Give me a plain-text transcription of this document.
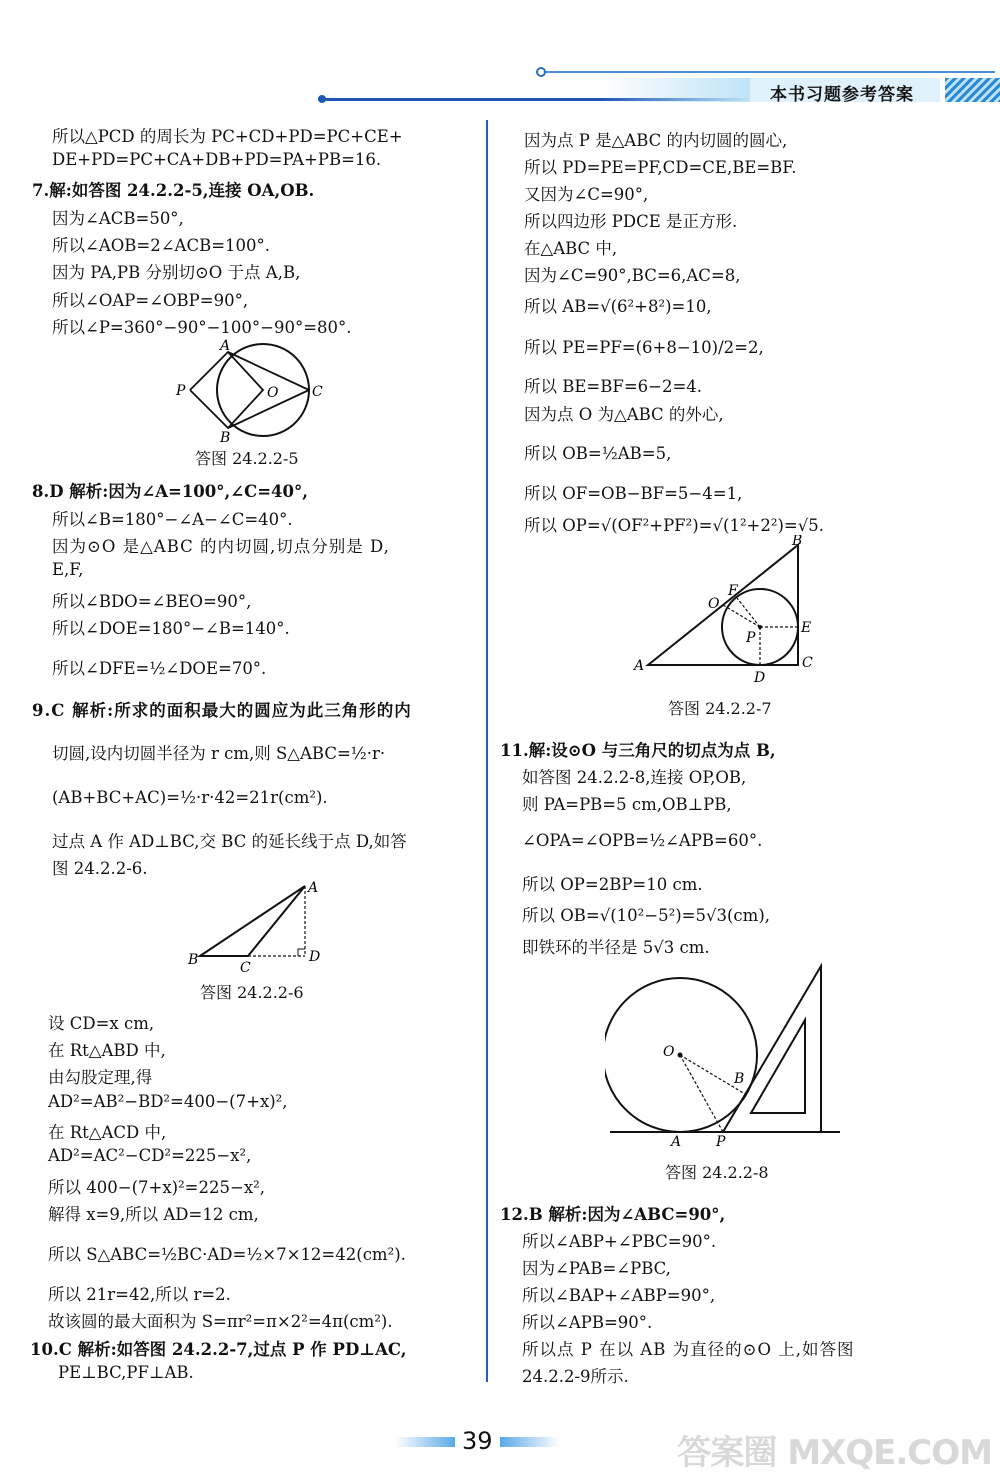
本书习题参考答案
所以△PCD 的周长为 PC+CD+PD=PC+CE+
DE+PD=PC+CA+DB+PD=PA+PB=16.
7.解:如答图 24.2.2-5,连接 OA,OB.
因为∠ACB=50°,
所以∠AOB=2∠ACB=100°.
因为 PA,PB 分别切⊙O 于点 A,B,
所以∠OAP=∠OBP=90°,
所以∠P=360°−90°−100°−90°=80°.
A
B
C
O
P
答图 24.2.2-5
8.D 解析:因为∠A=100°,∠C=40°,
所以∠B=180°−∠A−∠C=40°.
因为⊙O 是△ABC 的内切圆,切点分别是 D,
E,F,
所以∠BDO=∠BEO=90°,
所以∠DOE=180°−∠B=140°.
所以∠DFE=½∠DOE=70°.
9.C 解析:所求的面积最大的圆应为此三角形的内
切圆,设内切圆半径为 r cm,则 S△ABC=½·r·
(AB+BC+AC)=½·r·42=21r(cm²).
过点 A 作 AD⊥BC,交 BC 的延长线于点 D,如答
图 24.2.2-6.
A
B	C
D
答图 24.2.2-6
设 CD=x cm,
在 Rt△ABD 中,
由勾股定理,得
AD²=AB²−BD²=400−(7+x)²,
在 Rt△ACD 中,
AD²=AC²−CD²=225−x²,
所以 400−(7+x)²=225−x²,
解得 x=9,所以 AD=12 cm,
所以 S△ABC=½BC·AD=½×7×12=42(cm²).
所以 21r=42,所以 r=2.
故该圆的最大面积为 S=πr²=π×2²=4π(cm²).
10.C 解析:如答图 24.2.2-7,过点 P 作 PD⊥AC,
PE⊥BC,PF⊥AB.
因为点 P 是△ABC 的内切圆的圆心,
所以 PD=PE=PF,CD=CE,BE=BF.
又因为∠C=90°,
所以四边形 PDCE 是正方形.
在△ABC 中,
因为∠C=90°,BC=6,AC=8,
所以 AB=√(6²+8²)=10,
所以 PE=PF=(6+8−10)/2=2,
所以 BE=BF=6−2=4.
因为点 O 为△ABC 的外心,
所以 OB=½AB=5,
所以 OF=OB−BF=5−4=1,
所以 OP=√(OF²+PF²)=√(1²+2²)=√5.
A
B
C
D
E
F
O
P
答图 24.2.2-7
11.解:设⊙O 与三角尺的切点为点 B,
如答图 24.2.2-8,连接 OP,OB,
则 PA=PB=5 cm,OB⊥PB,
∠OPA=∠OPB=½∠APB=60°.
所以 OP=2BP=10 cm.
所以 OB=√(10²−5²)=5√3(cm),
即铁环的半径是 5√3 cm.
O
B
A P
答图 24.2.2-8
12.B 解析:因为∠ABC=90°,
所以∠ABP+∠PBC=90°.
因为∠PAB=∠PBC,
所以∠BAP+∠ABP=90°,
所以∠APB=90°.
所以点 P 在以 AB 为直径的⊙O 上,如答图
24.2.2-9所示.
39	答案圈 MXQE.COM
